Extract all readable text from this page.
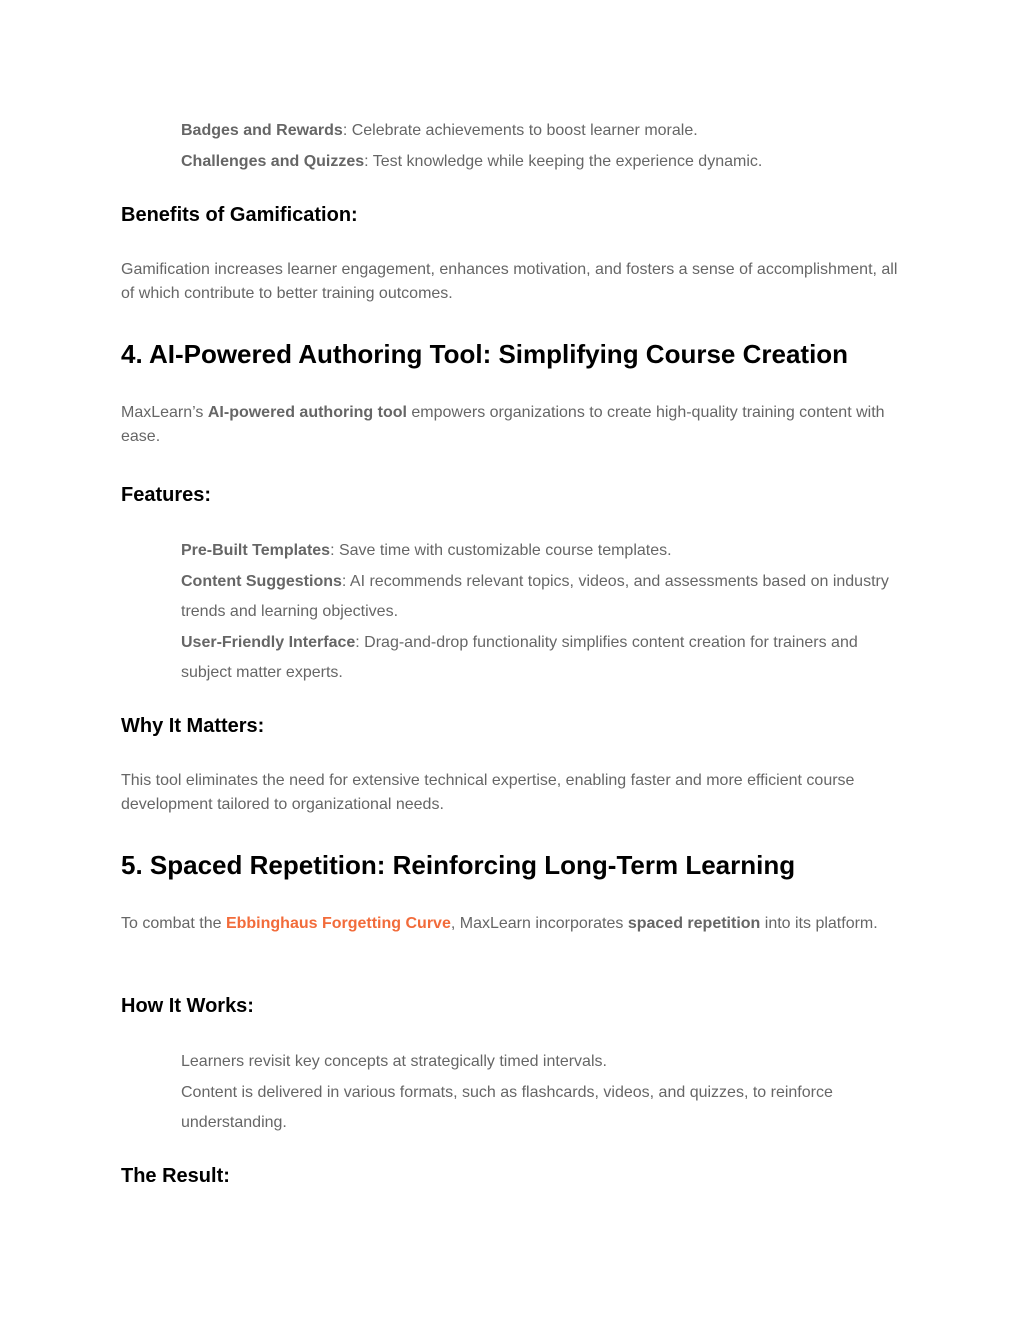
Badges and Rewards: Celebrate achievements to boost learner morale.
Challenges and Quizzes: Test knowledge while keeping the experience dynamic.
Benefits of Gamification:

Gamification increases learner engagement, enhances motivation, and fosters a sense of accomplishment, all of which contribute to better training outcomes.

4. AI-Powered Authoring Tool: Simplifying Course Creation

MaxLearn’s AI-powered authoring tool empowers organizations to create high-quality training content with ease.

Features:
Pre-Built Templates: Save time with customizable course templates.
Content Suggestions: AI recommends relevant topics, videos, and assessments based on industry trends and learning objectives.
User-Friendly Interface: Drag-and-drop functionality simplifies content creation for trainers and subject matter experts.
Why It Matters:

This tool eliminates the need for extensive technical expertise, enabling faster and more efficient course development tailored to organizational needs.

5. Spaced Repetition: Reinforcing Long-Term Learning

To combat the Ebbinghaus Forgetting Curve, MaxLearn incorporates spaced repetition into its platform.

How It Works:
Learners revisit key concepts at strategically timed intervals.
Content is delivered in various formats, such as flashcards, videos, and quizzes, to reinforce understanding.
The Result:
